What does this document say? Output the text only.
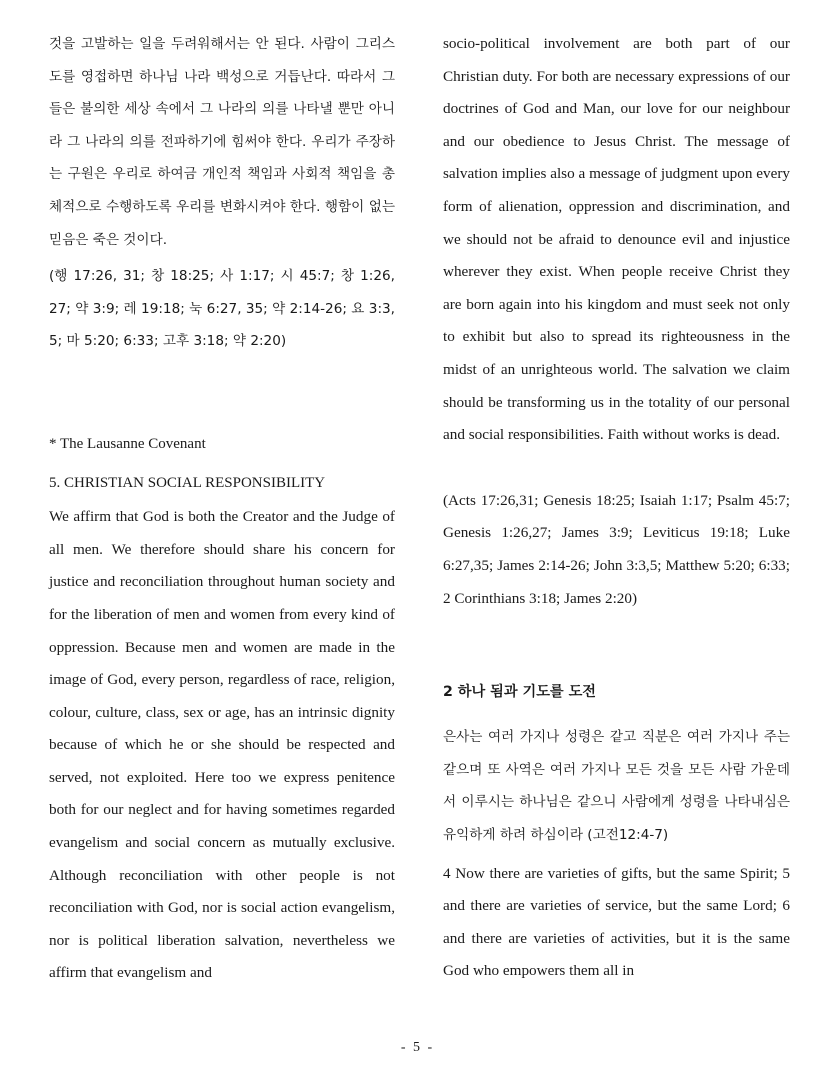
것을 고발하는 일을 두려워해서는 안 된다. 사람이 그리스도를 영접하면 하나님 나라 백성으로 거듭난다. 따라서 그들은 불의한 세상 속에서 그 나라의 의를 나타낼 뿐만 아니라 그 나라의 의를 전파하기에 힘써야 한다. 우리가 주장하는 구원은 우리로 하여금 개인적 책임과 사회적 책임을 총체적으로 수행하도록 우리를 변화시켜야 한다. 행함이 없는 믿음은 죽은 것이다.

(행 17:26, 31; 창 18:25; 사 1:17; 시 45:7; 창 1:26, 27; 약 3:9; 레 19:18; 눅 6:27, 35; 약 2:14-26; 요 3:3, 5; 마 5:20; 6:33; 고후 3:18; 약 2:20)

* The Lausanne Covenant

5. CHRISTIAN SOCIAL RESPONSIBILITY

We affirm that God is both the Creator and the Judge of all men. We therefore should share his concern for justice and reconciliation throughout human society and for the liberation of men and women from every kind of oppression. Because men and women are made in the image of God, every person, regardless of race, religion, colour, culture, class, sex or age, has an intrinsic dignity because of which he or she should be respected and served, not exploited. Here too we express penitence both for our neglect and for having sometimes regarded evangelism and social concern as mutually exclusive. Although reconciliation with other people is not reconciliation with God, nor is social action evangelism, nor is political liberation salvation, nevertheless we affirm that evangelism and

socio-political involvement are both part of our Christian duty. For both are necessary expressions of our doctrines of God and Man, our love for our neighbour and our obedience to Jesus Christ. The message of salvation implies also a message of judgment upon every form of alienation, oppression and discrimination, and we should not be afraid to denounce evil and injustice wherever they exist. When people receive Christ they are born again into his kingdom and must seek not only to exhibit but also to spread its righteousness in the midst of an unrighteous world. The salvation we claim should be transforming us in the totality of our personal and social responsibilities. Faith without works is dead.

(Acts 17:26,31; Genesis 18:25; Isaiah 1:17; Psalm 45:7; Genesis 1:26,27; James 3:9; Leviticus 19:18; Luke 6:27,35; James 2:14-26; John 3:3,5; Matthew 5:20; 6:33; 2 Corinthians 3:18; James 2:20)

2 하나 됨과 기도를 도전

은사는 여러 가지나 성령은 같고 직분은 여러 가지나 주는 같으며 또 사역은 여러 가지나 모든 것을 모든 사람 가운데서 이루시는 하나님은 같으니 사람에게 성령을 나타내심은 유익하게 하려 하심이라 (고전12:4-7)

4 Now there are varieties of gifts, but the same Spirit; 5 and there are varieties of service, but the same Lord; 6 and there are varieties of activities, but it is the same God who empowers them all in

- 5 -
